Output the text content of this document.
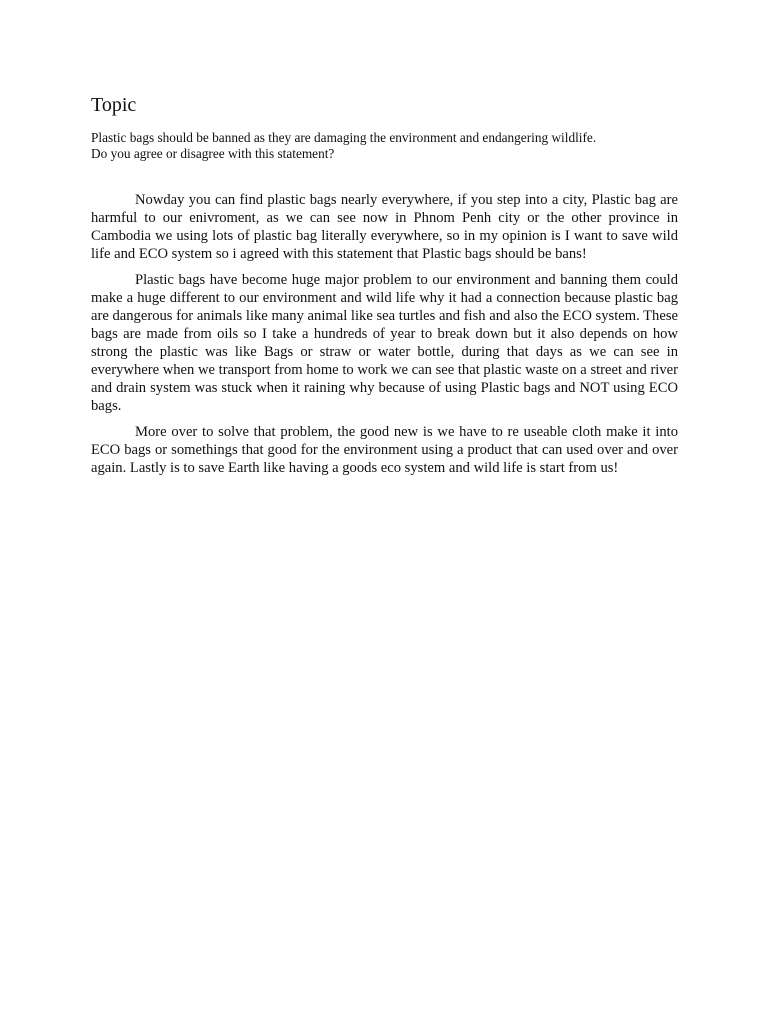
Topic

Plastic bags should be banned as they are damaging the environment and endangering wildlife.
Do you agree or disagree with this statement?

Nowday you can find plastic bags nearly everywhere, if you step into a city, Plastic bag are harmful to our enivroment, as we can see now in Phnom Penh city or the other province in Cambodia we using lots of plastic bag literally everywhere, so in my opinion is I want to save wild life and ECO system so i agreed with this statement that Plastic bags should be bans!

Plastic bags have become huge major problem to our environment and banning them could make a huge different to our environment and wild life why it had a connection because plastic bag are dangerous for animals like many animal like sea turtles and fish and also the ECO system. These bags are made from oils so I take a hundreds of year to break down but it also depends on how strong the plastic was like Bags or straw or water bottle, during that days as we can see in everywhere when we transport from home to work we can see that plastic waste on a street and river and drain system was stuck when it raining why because of using Plastic bags and NOT using ECO bags.

More over to solve that problem, the good new is we have to re useable cloth make it into ECO bags or somethings that good for the environment using a product that can used over and over again. Lastly is to save Earth like having a goods eco system and wild life is start from us!
